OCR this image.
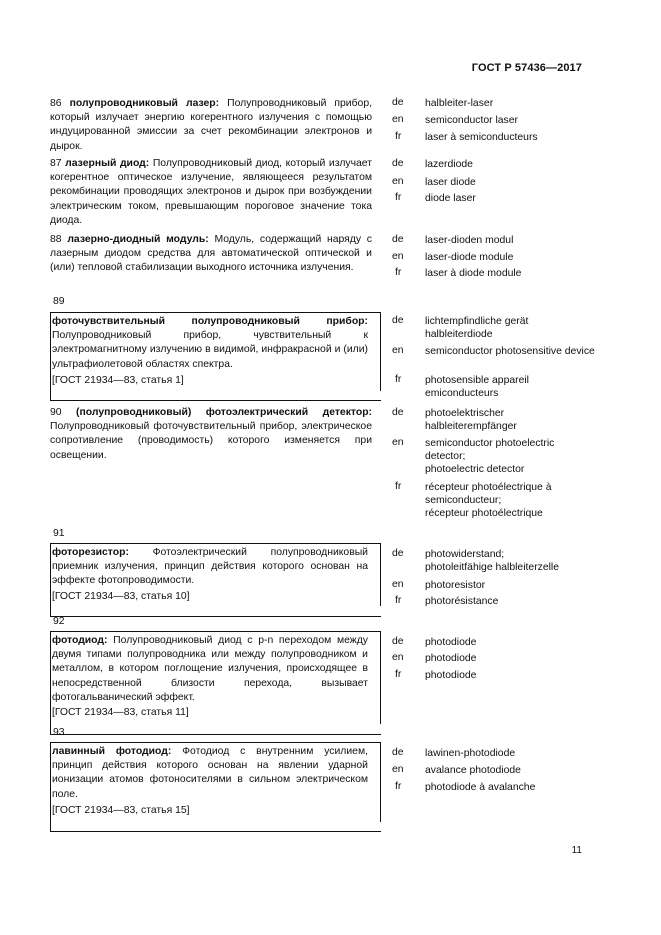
ГОСТ Р 57436—2017
86 полупроводниковый лазер: Полупроводниковый прибор, который излучает энергию когерентного излучения с помощью индуцированной эмиссии за счет рекомбинации электронов и дырок.
de halbleiter-laser
en semiconductor laser
fr laser à semiconducteurs
87 лазерный диод: Полупроводниковый диод, который излучает когерентное оптическое излучение, являющееся результатом рекомбинации проводящих электронов и дырок при возбуждении электрическим током, превышающим пороговое значение тока диода.
de lazerdiode
en laser diode
fr diode laser
88 лазерно-диодный модуль: Модуль, содержащий наряду с лазерным диодом средства для автоматической оптической и (или) тепловой стабилизации выходного источника излучения.
de laser-dioden modul
en laser-diode module
fr laser à diode module
89
фоточувствительный полупроводниковый прибор: Полупроводниковый прибор, чувствительный к электромагнитному излучению в видимой, инфракрасной и (или) ультрафиолетовой областях спектра.
[ГОСТ 21934—83, статья 1]
de lichtempfindliche gerät halbleiterdiode
en semiconductor photosensitive device
fr photosensible appareil emiconducteurs
90 (полупроводниковый) фотоэлектрический детектор: Полупроводниковый фоточувствительный прибор, электрическое сопротивление (проводимость) которого изменяется при освещении.
de photoelektrischer halbleiterempfänger
en semiconductor photoelectric detector;
photoelectric detector
fr récepteur photoélectrique à semiconducteur;
récepteur photoélectrique
91
фоторезистор: Фотоэлектрический полупроводниковый приемник излучения, принцип действия которого основан на эффекте фотопроводимости.
[ГОСТ 21934—83, статья 10]
de photowiderstand;
photoleitfähige halbleiterzelle
en photoresistor
fr photorésistance
92
фотодиод: Полупроводниковый диод с p-n переходом между двумя типами полупроводника или между полупроводником и металлом, в котором поглощение излучения, происходящее в непосредственной близости перехода, вызывает фотогальванический эффект.
[ГОСТ 21934—83, статья 11]
de photodiode
en photodiode
fr photodiode
93
лавинный фотодиод: Фотодиод с внутренним усилием, принцип действия которого основан на явлении ударной ионизации атомов фотоносителями в сильном электрическом поле.
[ГОСТ 21934—83, статья 15]
de lawinen-photodiode
en avalance photodiode
fr photodiode à avalanche
11
